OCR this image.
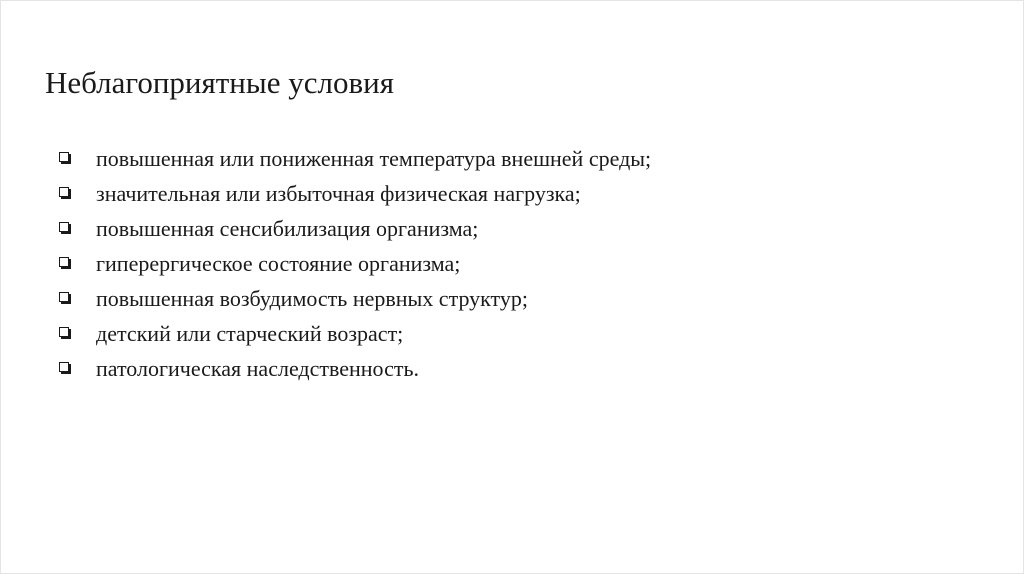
Неблагоприятные условия
повышенная или пониженная температура внешней среды;
значительная или избыточная физическая нагрузка;
повышенная сенсибилизация организма;
гиперергическое состояние организма;
повышенная возбудимость нервных структур;
детский или старческий возраст;
патологическая наследственность.
